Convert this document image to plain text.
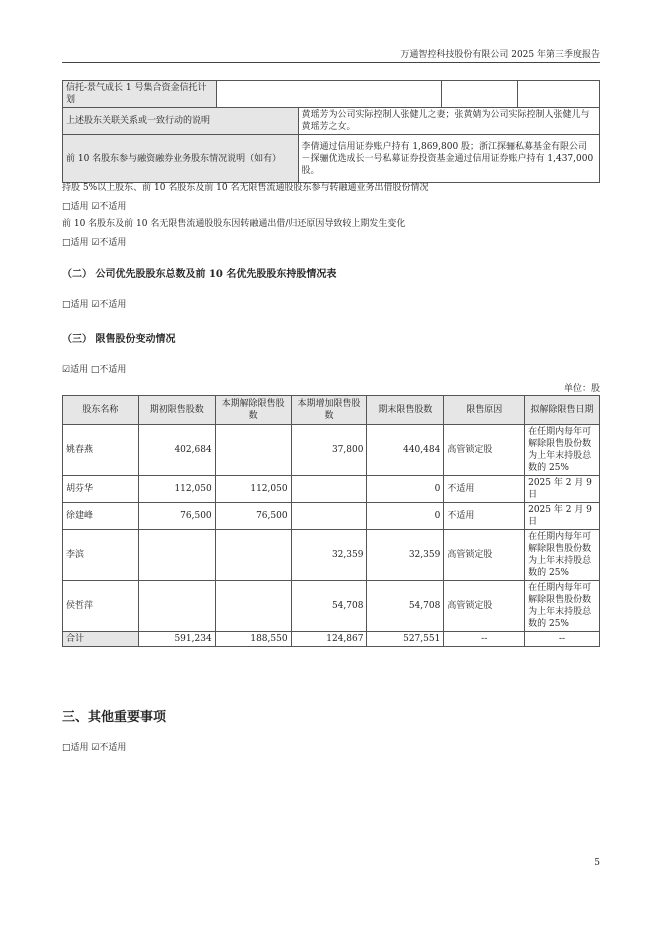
万通智控科技股份有限公司 2025 年第三季度报告
信托-景气成长 1 号集合资金信托计划				
上述股东关联关系或一致行动的说明		黄瑶芳为公司实际控制人张健儿之妻；张黄婧为公司实际控制人张健儿与黄瑶芳之女。		
前 10 名股东参与融资融券业务股东情况说明（如有）		李倩通过信用证券账户持有 1,869,800 股；浙江探骊私募基金有限公司－探骊优选成长一号私募证券投资基金通过信用证券账户持有 1,437,000 股。		
持股 5%以上股东、前 10 名股东及前 10 名无限售流通股股东参与转融通业务出借股份情况
□适用 ☑不适用
前 10 名股东及前 10 名无限售流通股股东因转融通出借/归还原因导致较上期发生变化
□适用 ☑不适用
（二） 公司优先股股东总数及前 10 名优先股股东持股情况表
□适用 ☑不适用
（三） 限售股份变动情况
☑适用 □不适用
单位：股
股东名称	期初限售股数	本期解除限售股数	本期增加限售股数	期末限售股数	限售原因	拟解除限售日期
姚春燕	402,684		37,800	440,484	高管锁定股	在任期内每年可解除限售股份数为上年末持股总数的 25%
胡芬华	112,050	112,050		0	不适用	2025 年 2 月 9 日
徐建峰	76,500	76,500		0	不适用	2025 年 2 月 9 日
李滨			32,359	32,359	高管锁定股	在任期内每年可解除限售股份数为上年末持股总数的 25%
侯哲萍			54,708	54,708	高管锁定股	在任期内每年可解除限售股份数为上年末持股总数的 25%
合计	591,234	188,550	124,867	527,551	--	--
三、其他重要事项
□适用 ☑不适用
5
